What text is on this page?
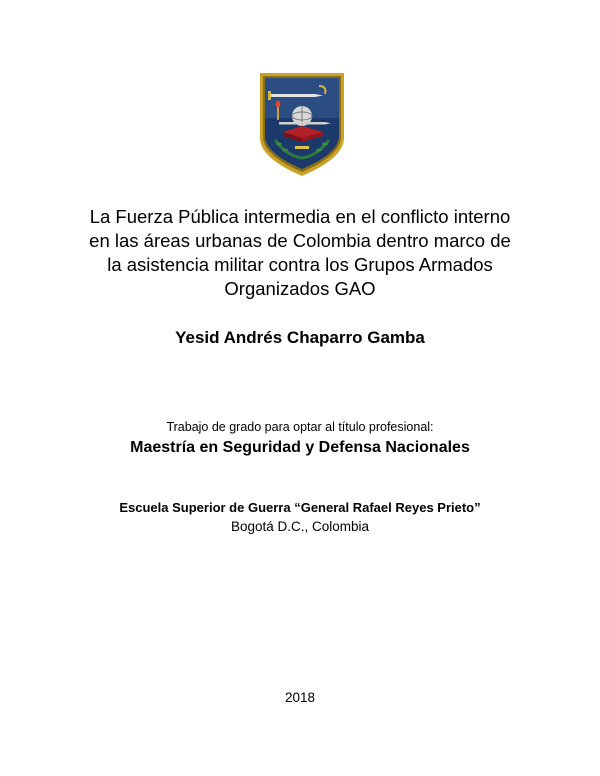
La Fuerza Pública intermedia en el conflicto interno
en las áreas urbanas de Colombia dentro marco de
la asistencia militar contra los Grupos Armados
Organizados GAO

Yesid Andrés Chaparro Gamba

Trabajo de grado para optar al título profesional:

Maestría en Seguridad y Defensa Nacionales

Escuela Superior de Guerra “General Rafael Reyes Prieto”

Bogotá D.C., Colombia

2018
